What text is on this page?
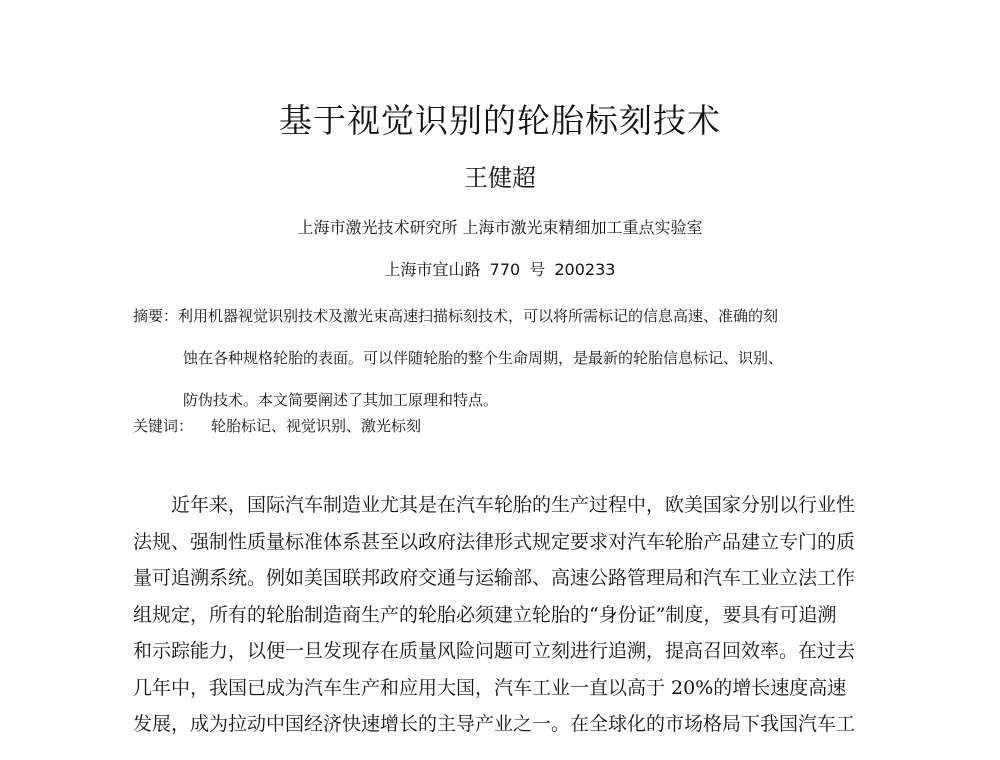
基于视觉识别的轮胎标刻技术
王健超
上海市激光技术研究所 上海市激光束精细加工重点实验室
上海市宜山路 770 号 200233
摘要：利用机器视觉识别技术及激光束高速扫描标刻技术，可以将所需标记的信息高速、准确的刻
蚀在各种规格轮胎的表面。可以伴随轮胎的整个生命周期，是最新的轮胎信息标记、识别、
防伪技术。本文简要阐述了其加工原理和特点。
关键词： 轮胎标记、视觉识别、激光标刻
近年来，国际汽车制造业尤其是在汽车轮胎的生产过程中，欧美国家分别以行业性
法规、强制性质量标准体系甚至以政府法律形式规定要求对汽车轮胎产品建立专门的质
量可追溯系统。例如美国联邦政府交通与运输部、高速公路管理局和汽车工业立法工作
组规定，所有的轮胎制造商生产的轮胎必须建立轮胎的“身份证”制度，要具有可追溯
和示踪能力，以便一旦发现存在质量风险问题可立刻进行追溯，提高召回效率。在过去
几年中，我国已成为汽车生产和应用大国，汽车工业一直以高于 20%的增长速度高速
发展，成为拉动中国经济快速增长的主导产业之一。在全球化的市场格局下我国汽车工
